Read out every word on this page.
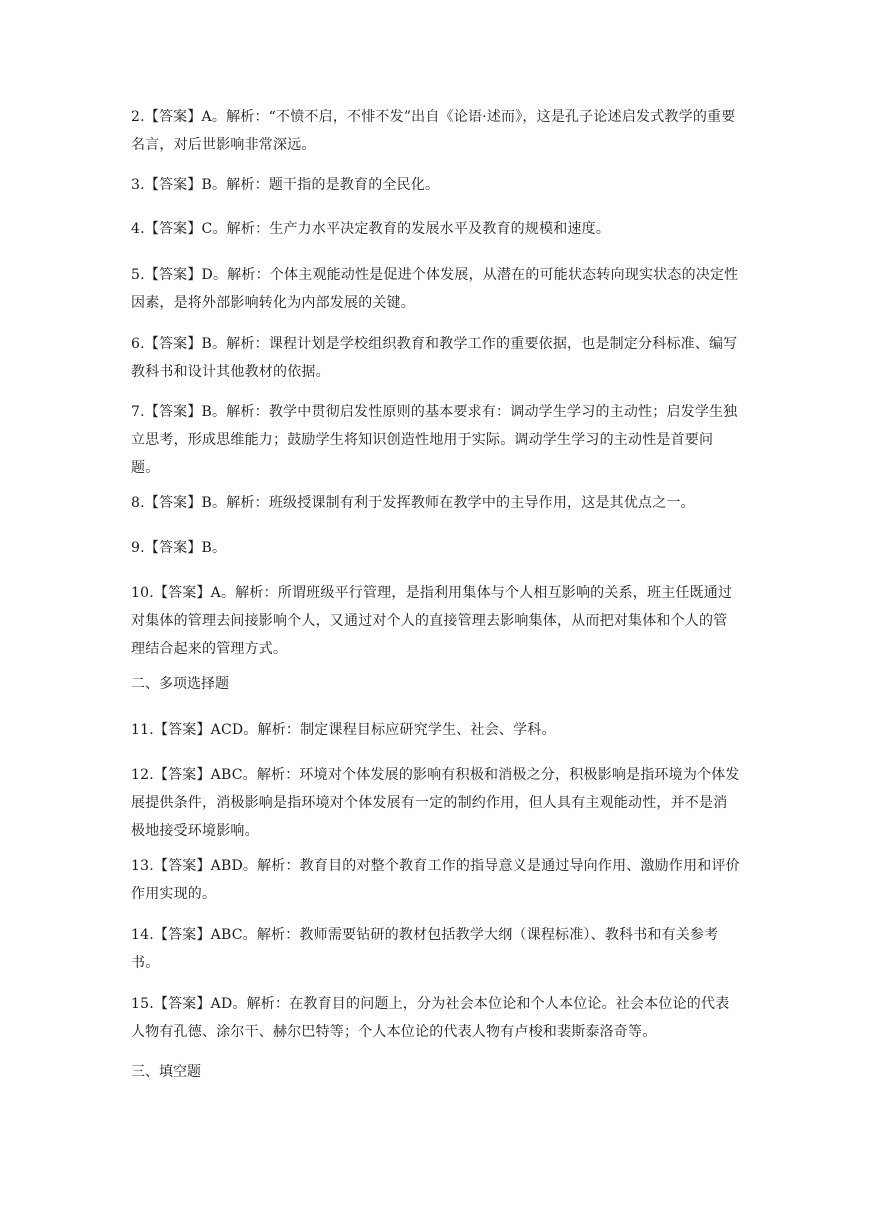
2.【答案】A。解析：“不愤不启，不悱不发”出自《论语·述而》，这是孔子论述启发式教学的重要名言，对后世影响非常深远。

3.【答案】B。解析：题干指的是教育的全民化。

4.【答案】C。解析：生产力水平决定教育的发展水平及教育的规模和速度。

5.【答案】D。解析：个体主观能动性是促进个体发展，从潜在的可能状态转向现实状态的决定性因素，是将外部影响转化为内部发展的关键。

6.【答案】B。解析：课程计划是学校组织教育和教学工作的重要依据，也是制定分科标准、编写教科书和设计其他教材的依据。

7.【答案】B。解析：教学中贯彻启发性原则的基本要求有：调动学生学习的主动性；启发学生独立思考，形成思维能力；鼓励学生将知识创造性地用于实际。调动学生学习的主动性是首要问题。

8.【答案】B。解析：班级授课制有利于发挥教师在教学中的主导作用，这是其优点之一。

9.【答案】B。

10.【答案】A。解析：所谓班级平行管理，是指利用集体与个人相互影响的关系，班主任既通过对集体的管理去间接影响个人，又通过对个人的直接管理去影响集体，从而把对集体和个人的管理结合起来的管理方式。

二、多项选择题

11.【答案】ACD。解析：制定课程目标应研究学生、社会、学科。

12.【答案】ABC。解析：环境对个体发展的影响有积极和消极之分，积极影响是指环境为个体发展提供条件，消极影响是指环境对个体发展有一定的制约作用，但人具有主观能动性，并不是消极地接受环境影响。

13.【答案】ABD。解析：教育目的对整个教育工作的指导意义是通过导向作用、激励作用和评价作用实现的。

14.【答案】ABC。解析：教师需要钻研的教材包括教学大纲（课程标准）、教科书和有关参考书。

15.【答案】AD。解析：在教育目的问题上，分为社会本位论和个人本位论。社会本位论的代表人物有孔德、涂尔干、赫尔巴特等；个人本位论的代表人物有卢梭和裴斯泰洛奇等。

三、填空题
